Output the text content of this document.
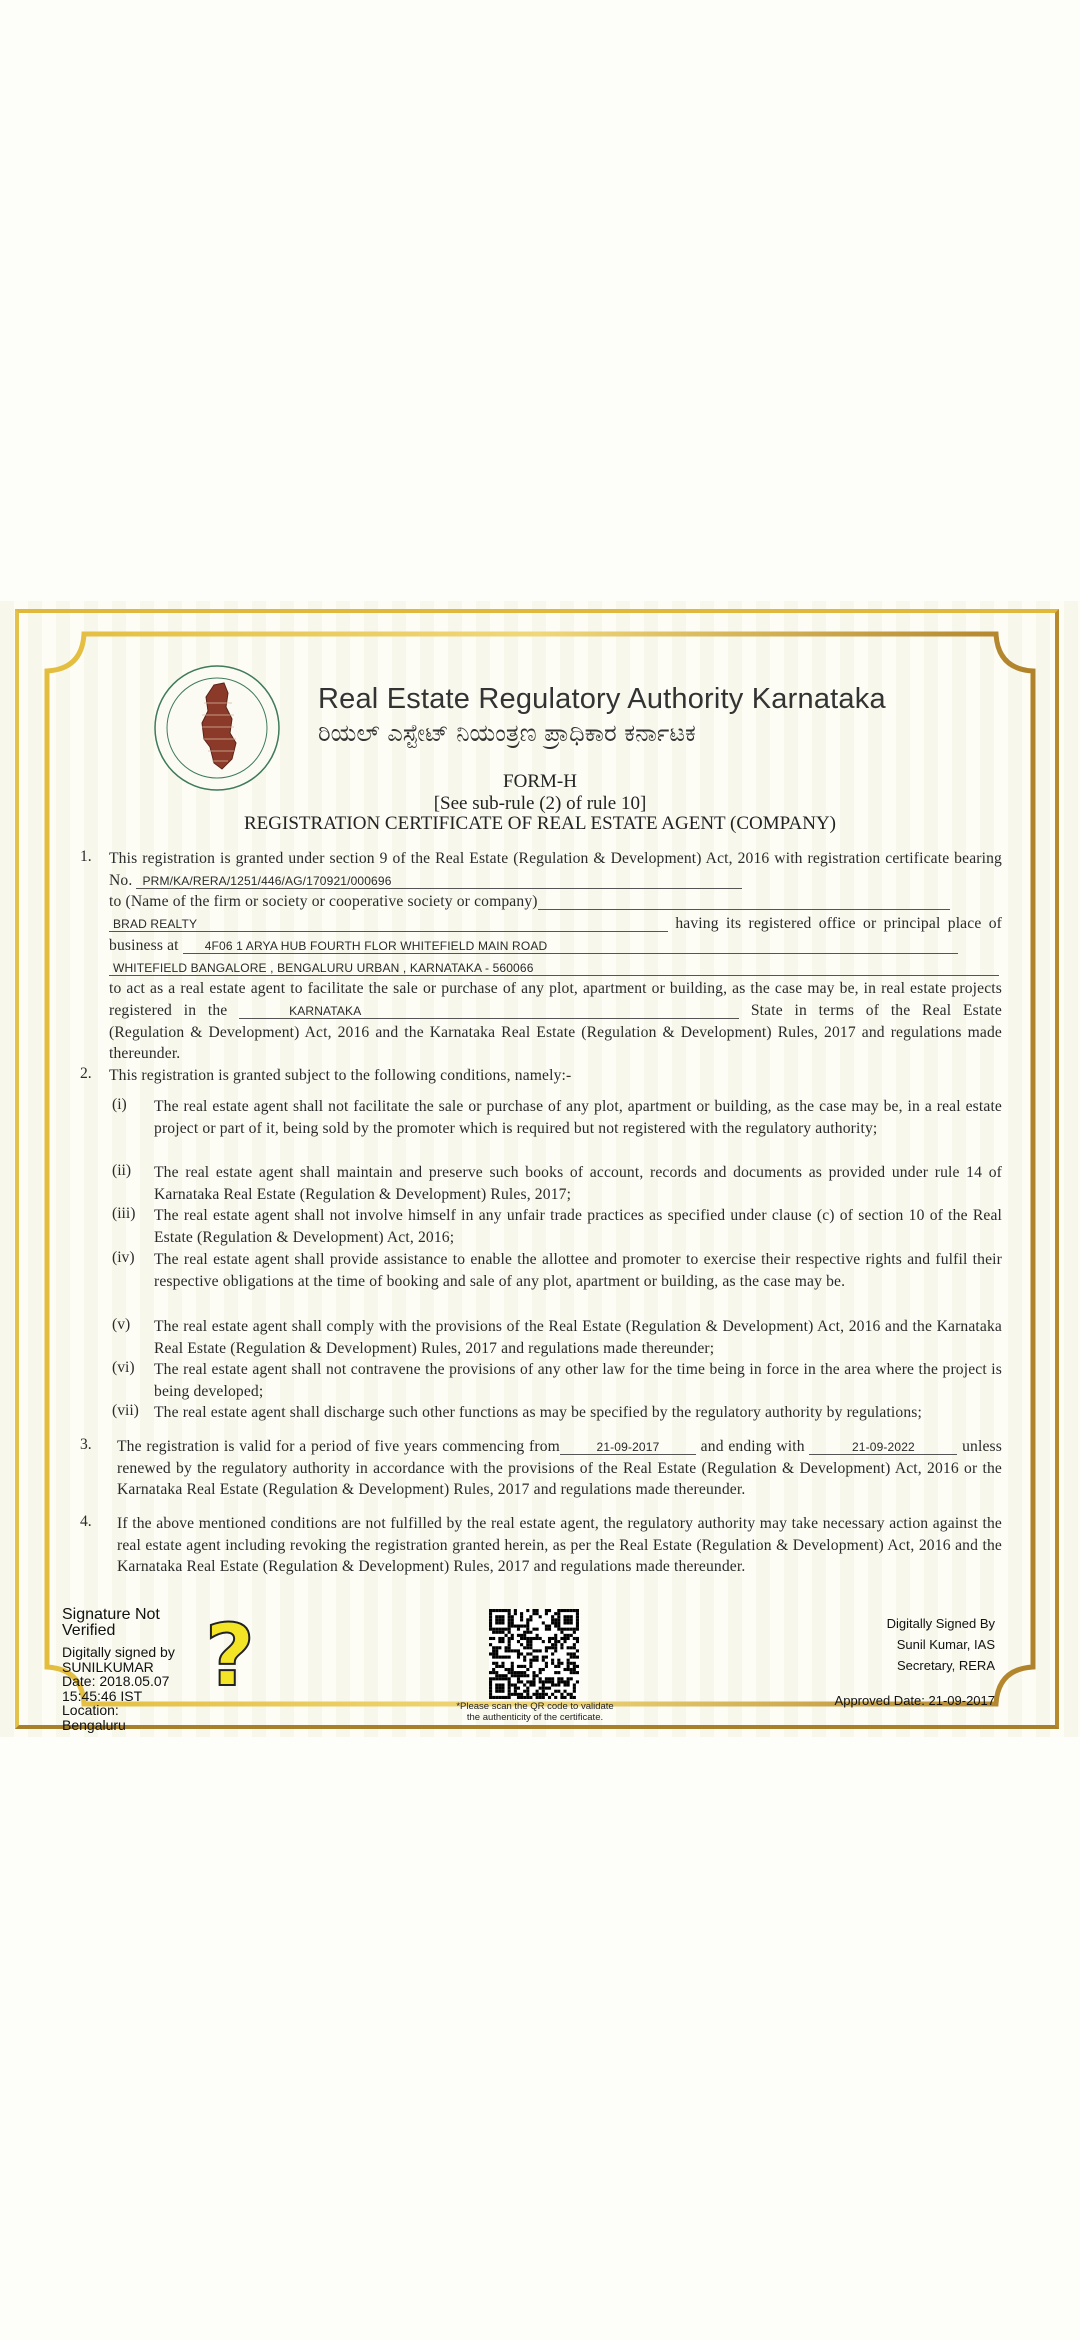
Real Estate Regulatory Authority Karnataka
ರಿಯಲ್ ಎಸ್ಟೇಟ್ ನಿಯಂತ್ರಣ ಪ್ರಾಧಿಕಾರ ಕರ್ನಾಟಕ
FORM-H
[See sub-rule (2) of rule 10]
REGISTRATION CERTIFICATE OF REAL ESTATE AGENT (COMPANY)
1. This registration is granted under section 9 of the Real Estate (Regulation & Development) Act, 2016 with registration certificate bearing No. PRM/KA/RERA/1251/446/AG/170921/000696
to (Name of the firm or society or cooperative society or company)
BRAD REALTY	having its registered office or principal place of business at 4F06 1 ARYA HUB FOURTH FLOR WHITEFIELD MAIN ROAD
WHITEFIELD BANGALORE , BENGALURU URBAN , KARNATAKA - 560066
to act as a real estate agent to facilitate the sale or purchase of any plot, apartment or building, as the case may be, in real estate projects registered in the	KARNATAKA	State in terms of the Real Estate (Regulation & Development) Act, 2016 and the Karnataka Real Estate (Regulation & Development) Rules, 2017 and regulations made thereunder.
2. This registration is granted subject to the following conditions, namely:-
(i) The real estate agent shall not facilitate the sale or purchase of any plot, apartment or building, as the case may be, in a real estate project or part of it, being sold by the promoter which is required but not registered with the regulatory authority;
(ii) The real estate agent shall maintain and preserve such books of account, records and documents as provided under rule 14 of Karnataka Real Estate (Regulation & Development) Rules, 2017;
(iii) The real estate agent shall not involve himself in any unfair trade practices as specified under clause (c) of section 10 of the Real Estate (Regulation & Development) Act, 2016;
(iv) The real estate agent shall provide assistance to enable the allottee and promoter to exercise their respective rights and fulfil their respective obligations at the time of booking and sale of any plot, apartment or building, as the case may be.
(v) The real estate agent shall comply with the provisions of the Real Estate (Regulation & Development) Act, 2016 and the Karnataka Real Estate (Regulation & Development) Rules, 2017 and regulations made thereunder;
(vi) The real estate agent shall not contravene the provisions of any other law for the time being in force in the area where the project is being developed;
(vii) The real estate agent shall discharge such other functions as may be specified by the regulatory authority by regulations;
3. The registration is valid for a period of five years commencing from	21-09-2017	and ending with	21-09-2022	unless renewed by the regulatory authority in accordance with the provisions of the Real Estate (Regulation & Development) Act, 2016 or the Karnataka Real Estate (Regulation & Development) Rules, 2017 and regulations made thereunder.
4. If the above mentioned conditions are not fulfilled by the real estate agent, the regulatory authority may take necessary action against the real estate agent including revoking the registration granted herein, as per the Real Estate (Regulation & Development) Act, 2016 and the Karnataka Real Estate (Regulation & Development) Rules, 2017 and regulations made thereunder.
?
Signature Not
Verified
Digitally signed by
SUNILKUMAR
Date: 2018.05.07
15:45:46 IST
Location:
Bengaluru
*Please scan the QR code to validate
the authenticity of the certificate.
Digitally Signed By
Sunil Kumar, IAS
Secretary, RERA
Approved Date: 21-09-2017
